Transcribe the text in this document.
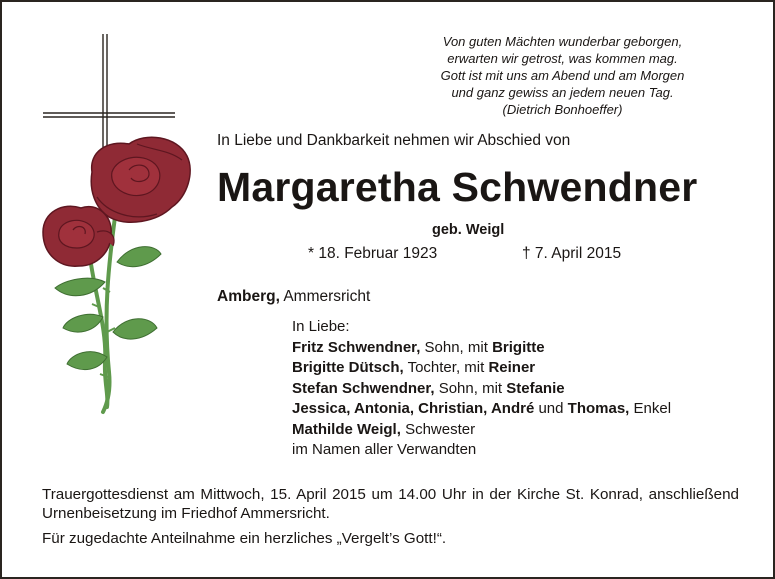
Von guten Mächten wunderbar geborgen,
erwarten wir getrost, was kommen mag.
Gott ist mit uns am Abend und am Morgen
und ganz gewiss an jedem neuen Tag.
(Dietrich Bonhoeffer)
In Liebe und Dankbarkeit nehmen wir Abschied von
Margaretha Schwendner
geb. Weigl
* 18. Februar 1923	† 7. April 2015
Amberg, Ammersricht
In Liebe:
Fritz Schwendner, Sohn, mit Brigitte
Brigitte Dütsch, Tochter, mit Reiner
Stefan Schwendner, Sohn, mit Stefanie
Jessica, Antonia, Christian, André und Thomas, Enkel
Mathilde Weigl, Schwester
im Namen aller Verwandten
Trauergottesdienst am Mittwoch, 15. April 2015 um 14.00 Uhr in der Kirche St. Konrad, anschließend Urnenbeisetzung im Friedhof Ammersricht.
Für zugedachte Anteilnahme ein herzliches „Vergelt’s Gott!“.
